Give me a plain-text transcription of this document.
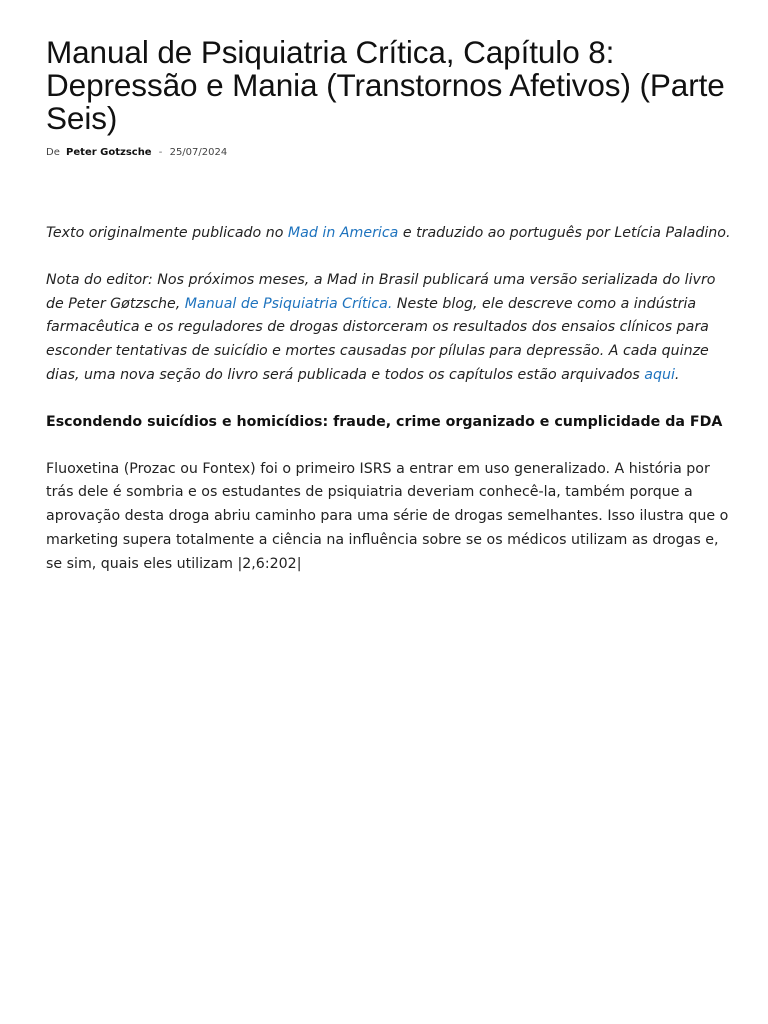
Manual de Psiquiatria Crítica, Capítulo 8: Depressão e Mania (Transtornos Afetivos) (Parte Seis)
De Peter Gotzsche - 25/07/2024

Texto originalmente publicado no Mad in America e traduzido ao português por Letícia Paladino.

Nota do editor: Nos próximos meses, a Mad in Brasil publicará uma versão serializada do livro de Peter Gøtzsche, Manual de Psiquiatria Crítica. Neste blog, ele descreve como a indústria farmacêutica e os reguladores de drogas distorceram os resultados dos ensaios clínicos para esconder tentativas de suicídio e mortes causadas por pílulas para depressão. A cada quinze dias, uma nova seção do livro será publicada e todos os capítulos estão arquivados aqui.

Escondendo suicídios e homicídios: fraude, crime organizado e cumplicidade da FDA

Fluoxetina (Prozac ou Fontex) foi o primeiro ISRS a entrar em uso generalizado. A história por trás dele é sombria e os estudantes de psiquiatria deveriam conhecê-la, também porque a aprovação desta droga abriu caminho para uma série de drogas semelhantes. Isso ilustra que o marketing supera totalmente a ciência na influência sobre se os médicos utilizam as drogas e, se sim, quais eles utilizam |2,6:202|
